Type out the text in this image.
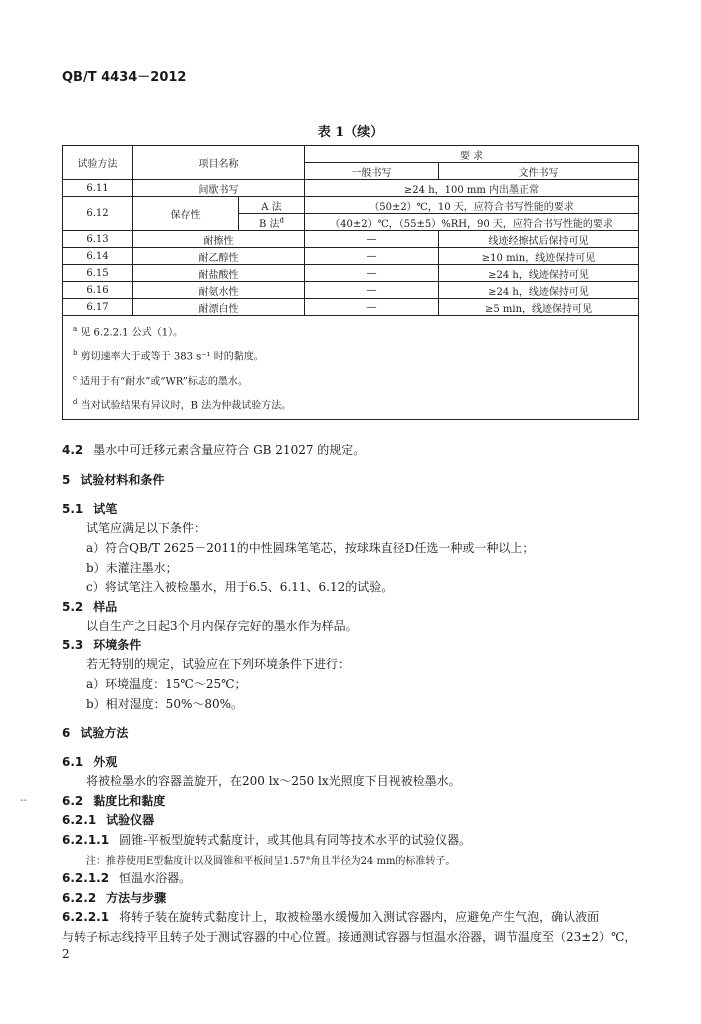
QB/T 4434－2012
表 1（续）
试验方法	项目名称		要 求	
			一般书写	文件书写
6.11	间歇书写		≥24 h，100 mm 内出墨正常	
6.12	保存性	A 法	（50±2）℃，10 天，应符合书写性能的要求	
		B 法$^d$	（40±2）℃，（55±5）%RH，90 天，应符合书写性能的要求	
6.13	耐擦性		—	线迹经擦拭后保持可见
6.14	耐乙醇性		—	≥10 min，线迹保持可见
6.15	耐盐酸性		—	≥24 h，线迹保持可见
6.16	耐氨水性		—	≥24 h，线迹保持可见
6.17	耐漂白性		—	≥5 min，线迹保持可见

$^a$ 见 6.2.2.1 公式（1）。
$^b$ 剪切速率大于或等于 383 s⁻¹ 时的黏度。
$^c$ 适用于有“耐水”或“WR”标志的墨水。
$^d$ 当对试验结果有异议时，B 法为仲裁试验方法。				
4.2 墨水中可迁移元素含量应符合 GB 21027 的规定。
5 试验材料和条件
5.1 试笔
试笔应满足以下条件：
a）符合QB/T 2625－2011的中性圆珠笔笔芯，按球珠直径D任选一种或一种以上；
b）未灌注墨水；
c）将试笔注入被检墨水，用于6.5、6.11、6.12的试验。
5.2 样品
以自生产之日起3个月内保存完好的墨水作为样品。
5.3 环境条件
若无特别的规定，试验应在下列环境条件下进行：
a）环境温度：15℃～25℃；
b）相对湿度：50%～80%。
6 试验方法
6.1 外观
将被检墨水的容器盖旋开，在200 lx～250 lx光照度下目视被检墨水。
6.2 黏度比和黏度
6.2.1 试验仪器
6.2.1.1 圆锥-平板型旋转式黏度计，或其他具有同等技术水平的试验仪器。
注：推荐使用E型黏度计以及圆锥和平板间呈1.57°角且半径为24 mm的标准转子。
6.2.1.2 恒温水浴器。
6.2.2 方法与步骤
6.2.2.1 将转子装在旋转式黏度计上，取被检墨水缓慢加入测试容器内，应避免产生气泡，确认液面
与转子标志线持平且转子处于测试容器的中心位置。接通测试容器与恒温水浴器，调节温度至（23±2）℃，
2
--
